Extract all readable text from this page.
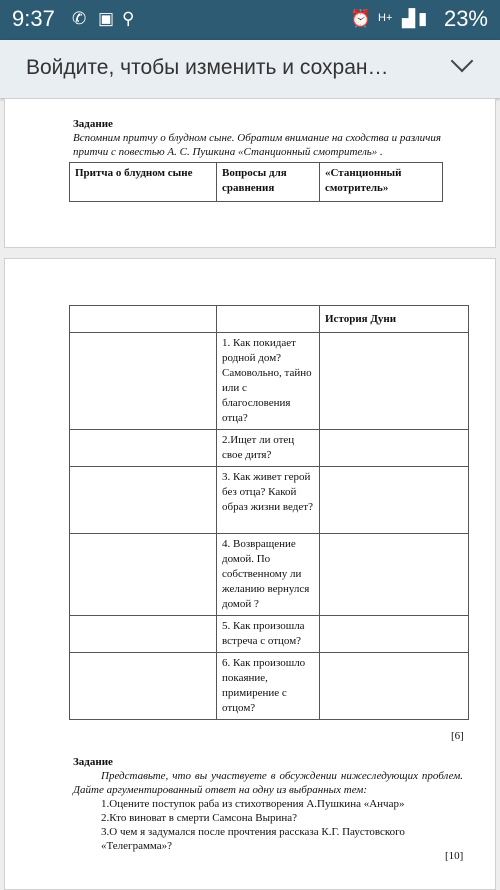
9:37 ✆ ▣ ⚲	⏰ H+ ▟ ▮ 23%
Войдите, чтобы изменить и сохран…
Задание
Вспомним притчу о блудном сыне. Обратим внимание на сходства и различия притчи с повестью А. С. Пушкина «Станционный смотритель» .
Притча о блудном сыне	Вопросы для сравнения	«Станционный смотритель»
		История Дуни
	1. Как покидает родной дом? Самовольно, тайно или с благословения отца?	
	2.Ищет ли отец свое дитя?	
	3. Как живет герой без отца? Какой образ жизни ведет?	
	4. Возвращение домой. По собственному ли желанию вернулся домой ?	
	5. Как произошла встреча с отцом?	
	6. Как произошло покаяние, примирение с отцом?	
[6]
Задание
Представьте, что вы участвуете в обсуждении нижеследующих проблем. Дайте аргументированный ответ на одну из выбранных тем:
1.Оцените поступок раба из стихотворения А.Пушкина «Анчар»
2.Кто виноват в смерти Самсона Вырина?
3.О чем я задумался после прочтения рассказа К.Г. Паустовского «Телеграмма»?
[10]
